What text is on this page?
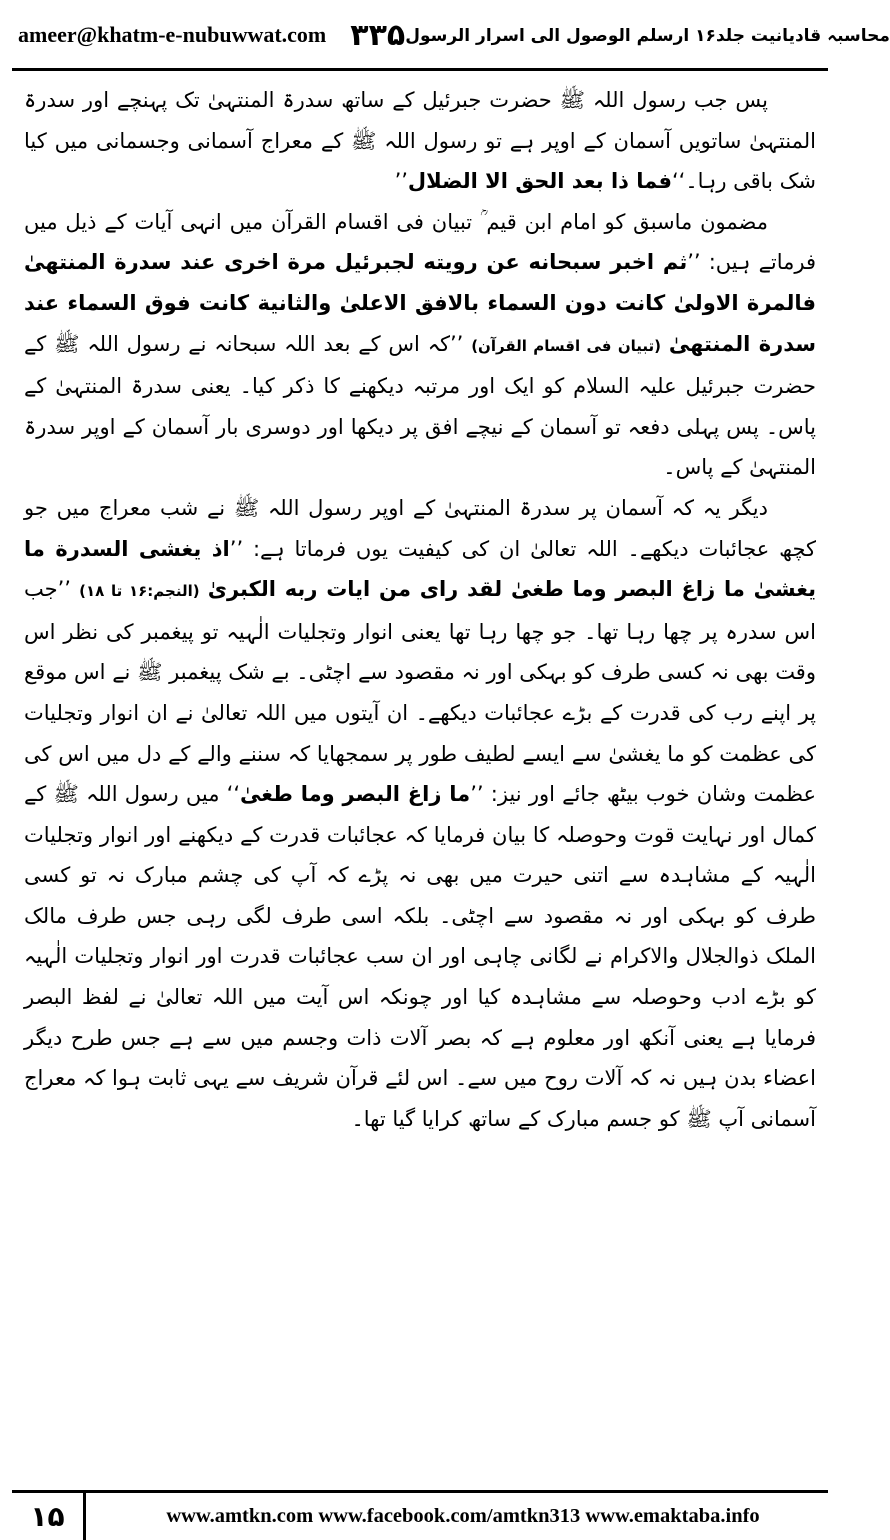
ameer@khatm-e-nubuwwat.com ۳۳۵ محاسبہ قادیانیت جلد۱۶ ارسلم الوصول الی اسرار الرسول

پس جب رسول اللہ ﷺ حضرت جبرئیل کے ساتھ سدرۃ المنتہیٰ تک پہنچے اور سدرۃ المنتہیٰ ساتویں آسمان کے اوپر ہے تو رسول اللہ ﷺ کے معراج آسمانی وجسمانی میں کیا شک باقی رہا۔‘‘فما ذا بعد الحق الا الضلال’’

مضمون ماسبق کو امام ابن قیم ؒ تبیان فی اقسام القرآن میں انہی آیات کے ذیل میں فرماتے ہیں: ’’ثم اخبر سبحانه عن رویته لجبرئیل مرة اخری عند سدرة المنتهیٰ فالمرة الاولیٰ کانت دون السماء بالافق الاعلیٰ والثانیة کانت فوق السماء عند سدرة المنتهیٰ (تبیان فی اقسام القرآن) ’’کہ اس کے بعد اللہ سبحانہ نے رسول اللہ ﷺ کے حضرت جبرئیل علیہ السلام کو ایک اور مرتبہ دیکھنے کا ذکر کیا۔ یعنی سدرۃ المنتہیٰ کے پاس۔ پس پہلی دفعہ تو آسمان کے نیچے افق پر دیکھا اور دوسری بار آسمان کے اوپر سدرۃ المنتہیٰ کے پاس۔

دیگر یہ کہ آسمان پر سدرۃ المنتہیٰ کے اوپر رسول اللہ ﷺ نے شب معراج میں جو کچھ عجائبات دیکھے۔ اللہ تعالیٰ ان کی کیفیت یوں فرماتا ہے: ’’اذ یغشی السدرة ما یغشیٰ ما زاغ البصر وما طغیٰ لقد رای من ایات ربه الکبریٰ (النجم:۱۶ تا ۱۸) ’’جب اس سدرہ پر چھا رہا تھا۔ جو چھا رہا تھا یعنی انوار وتجلیات الٰہیہ تو پیغمبر کی نظر اس وقت بھی نہ کسی طرف کو بہکی اور نہ مقصود سے اچٹی۔ بے شک پیغمبر ﷺ نے اس موقع پر اپنے رب کی قدرت کے بڑے عجائبات دیکھے۔ ان آیتوں میں اللہ تعالیٰ نے ان انوار وتجلیات کی عظمت کو ما یغشیٰ سے ایسے لطیف طور پر سمجھایا کہ سننے والے کے دل میں اس کی عظمت وشان خوب بیٹھ جائے اور نیز: ’’ما زاغ البصر وما طغیٰ‘‘ میں رسول اللہ ﷺ کے کمال اور نہایت قوت وحوصلہ کا بیان فرمایا کہ عجائبات قدرت کے دیکھنے اور انوار وتجلیات الٰہیہ کے مشاہدہ سے اتنی حیرت میں بھی نہ پڑے کہ آپ کی چشم مبارک نہ تو کسی طرف کو بہکی اور نہ مقصود سے اچٹی۔ بلکہ اسی طرف لگی رہی جس طرف مالک الملک ذوالجلال والاکرام نے لگانی چاہی اور ان سب عجائبات قدرت اور انوار وتجلیات الٰہیہ کو بڑے ادب وحوصلہ سے مشاہدہ کیا اور چونکہ اس آیت میں اللہ تعالیٰ نے لفظ البصر فرمایا ہے یعنی آنکھ اور معلوم ہے کہ بصر آلات ذات وجسم میں سے ہے جس طرح دیگر اعضاء بدن ہیں نہ کہ آلات روح میں سے۔ اس لئے قرآن شریف سے یہی ثابت ہوا کہ معراج آسمانی آپ ﷺ کو جسم مبارک کے ساتھ کرایا گیا تھا۔

۱۵	www.amtkn.com www.facebook.com/amtkn313 www.emaktaba.info
